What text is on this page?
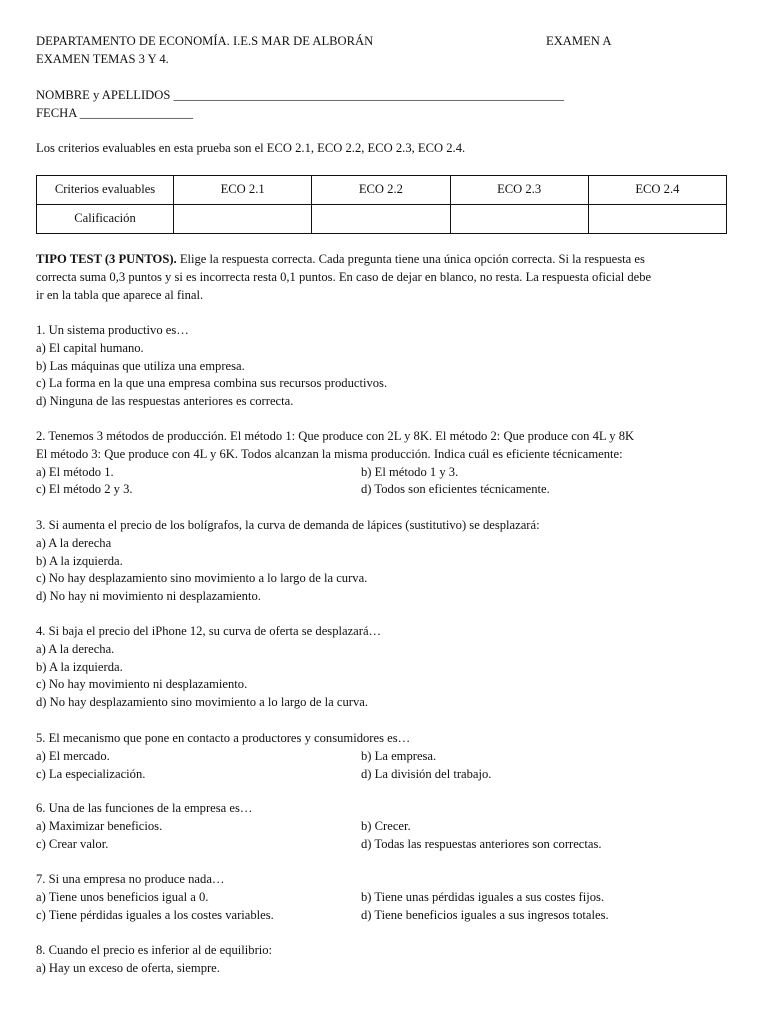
DEPARTAMENTO DE ECONOMÍA. I.E.S MAR DE ALBORÁN
EXAMEN TEMAS 3 Y 4.
EXAMEN A
NOMBRE y APELLIDOS ______________________________________________________________
FECHA __________________
Los criterios evaluables en esta prueba son el ECO 2.1, ECO 2.2, ECO 2.3, ECO 2.4.
Criterios evaluables	ECO 2.1	ECO 2.2	ECO 2.3	ECO 2.4
Calificación				
TIPO TEST (3 PUNTOS). Elige la respuesta correcta. Cada pregunta tiene una única opción correcta. Si la respuesta es
correcta suma 0,3 puntos y si es incorrecta resta 0,1 puntos. En caso de dejar en blanco, no resta. La respuesta oficial debe
ir en la tabla que aparece al final.
1. Un sistema productivo es…
a) El capital humano.
b) Las máquinas que utiliza una empresa.
c) La forma en la que una empresa combina sus recursos productivos.
d) Ninguna de las respuestas anteriores es correcta.
2. Tenemos 3 métodos de producción. El método 1: Que produce con 2L y 8K. El método 2: Que produce con 4L y 8K
El método 3: Que produce con 4L y 6K. Todos alcanzan la misma producción. Indica cuál es eficiente técnicamente:
a) El método 1.	b) El método 1 y 3.
c) El método 2 y 3.	d) Todos son eficientes técnicamente.
3. Si aumenta el precio de los bolígrafos, la curva de demanda de lápices (sustitutivo) se desplazará:
a) A la derecha
b) A la izquierda.
c) No hay desplazamiento sino movimiento a lo largo de la curva.
d) No hay ni movimiento ni desplazamiento.
4. Si baja el precio del iPhone 12, su curva de oferta se desplazará…
a) A la derecha.
b) A la izquierda.
c) No hay movimiento ni desplazamiento.
d) No hay desplazamiento sino movimiento a lo largo de la curva.
5. El mecanismo que pone en contacto a productores y consumidores es…
a) El mercado.	b) La empresa.
c) La especialización.	d) La división del trabajo.
6. Una de las funciones de la empresa es…
a) Maximizar beneficios.	b) Crecer.
c) Crear valor.	d) Todas las respuestas anteriores son correctas.
7. Si una empresa no produce nada…
a) Tiene unos beneficios igual a 0.	b) Tiene unas pérdidas iguales a sus costes fijos.
c) Tiene pérdidas iguales a los costes variables.	d) Tiene beneficios iguales a sus ingresos totales.
8. Cuando el precio es inferior al de equilibrio:
a) Hay un exceso de oferta, siempre.
